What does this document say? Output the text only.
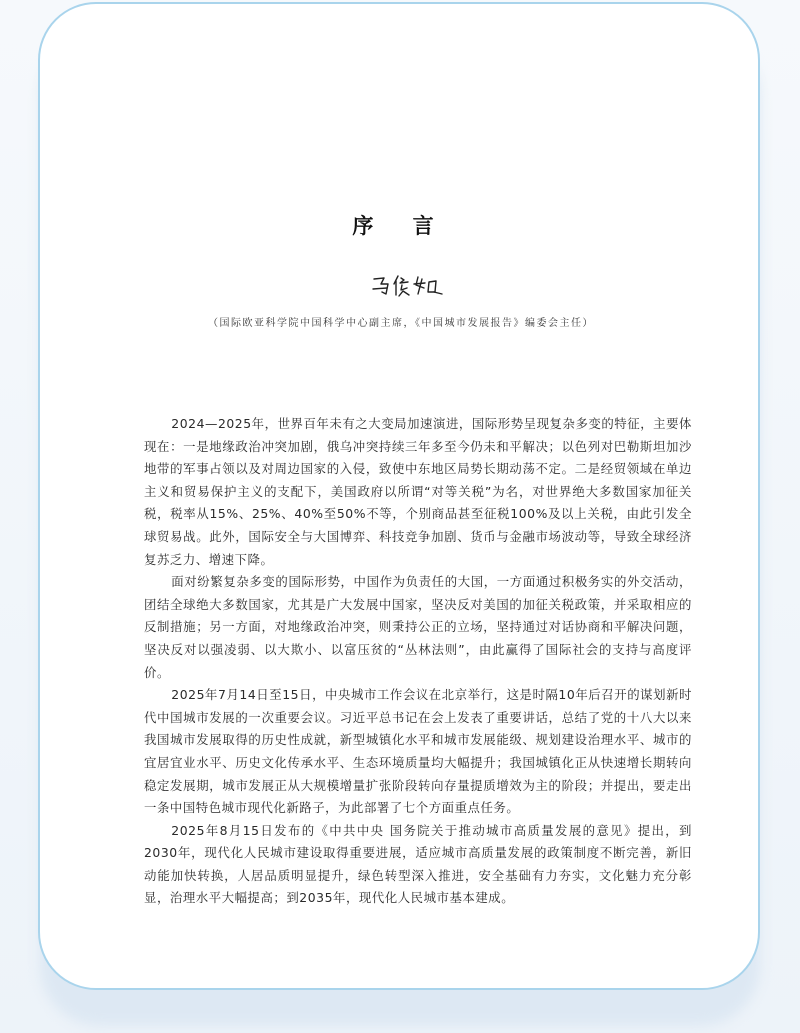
序 言
（国际欧亚科学院中国科学中心副主席，《中国城市发展报告》编委会主任）

2024—2025年，世界百年未有之大变局加速演进，国际形势呈现复杂多变的特征，主要体现在：一是地缘政治冲突加剧，俄乌冲突持续三年多至今仍未和平解决；以色列对巴勒斯坦加沙地带的军事占领以及对周边国家的入侵，致使中东地区局势长期动荡不定。二是经贸领域在单边主义和贸易保护主义的支配下，美国政府以所谓“对等关税”为名，对世界绝大多数国家加征关税，税率从15%、25%、40%至50%不等，个别商品甚至征税100%及以上关税，由此引发全球贸易战。此外，国际安全与大国博弈、科技竞争加剧、货币与金融市场波动等，导致全球经济复苏乏力、增速下降。

面对纷繁复杂多变的国际形势，中国作为负责任的大国，一方面通过积极务实的外交活动，团结全球绝大多数国家，尤其是广大发展中国家，坚决反对美国的加征关税政策，并采取相应的反制措施；另一方面，对地缘政治冲突，则秉持公正的立场，坚持通过对话协商和平解决问题，坚决反对以强凌弱、以大欺小、以富压贫的“丛林法则”，由此赢得了国际社会的支持与高度评价。

2025年7月14日至15日，中央城市工作会议在北京举行，这是时隔10年后召开的谋划新时代中国城市发展的一次重要会议。习近平总书记在会上发表了重要讲话，总结了党的十八大以来我国城市发展取得的历史性成就，新型城镇化水平和城市发展能级、规划建设治理水平、城市的宜居宜业水平、历史文化传承水平、生态环境质量均大幅提升；我国城镇化正从快速增长期转向稳定发展期，城市发展正从大规模增量扩张阶段转向存量提质增效为主的阶段；并提出，要走出一条中国特色城市现代化新路子，为此部署了七个方面重点任务。

2025年8月15日发布的《中共中央 国务院关于推动城市高质量发展的意见》提出，到2030年，现代化人民城市建设取得重要进展，适应城市高质量发展的政策制度不断完善，新旧动能加快转换，人居品质明显提升，绿色转型深入推进，安全基础有力夯实，文化魅力充分彰显，治理水平大幅提高；到2035年，现代化人民城市基本建成。
